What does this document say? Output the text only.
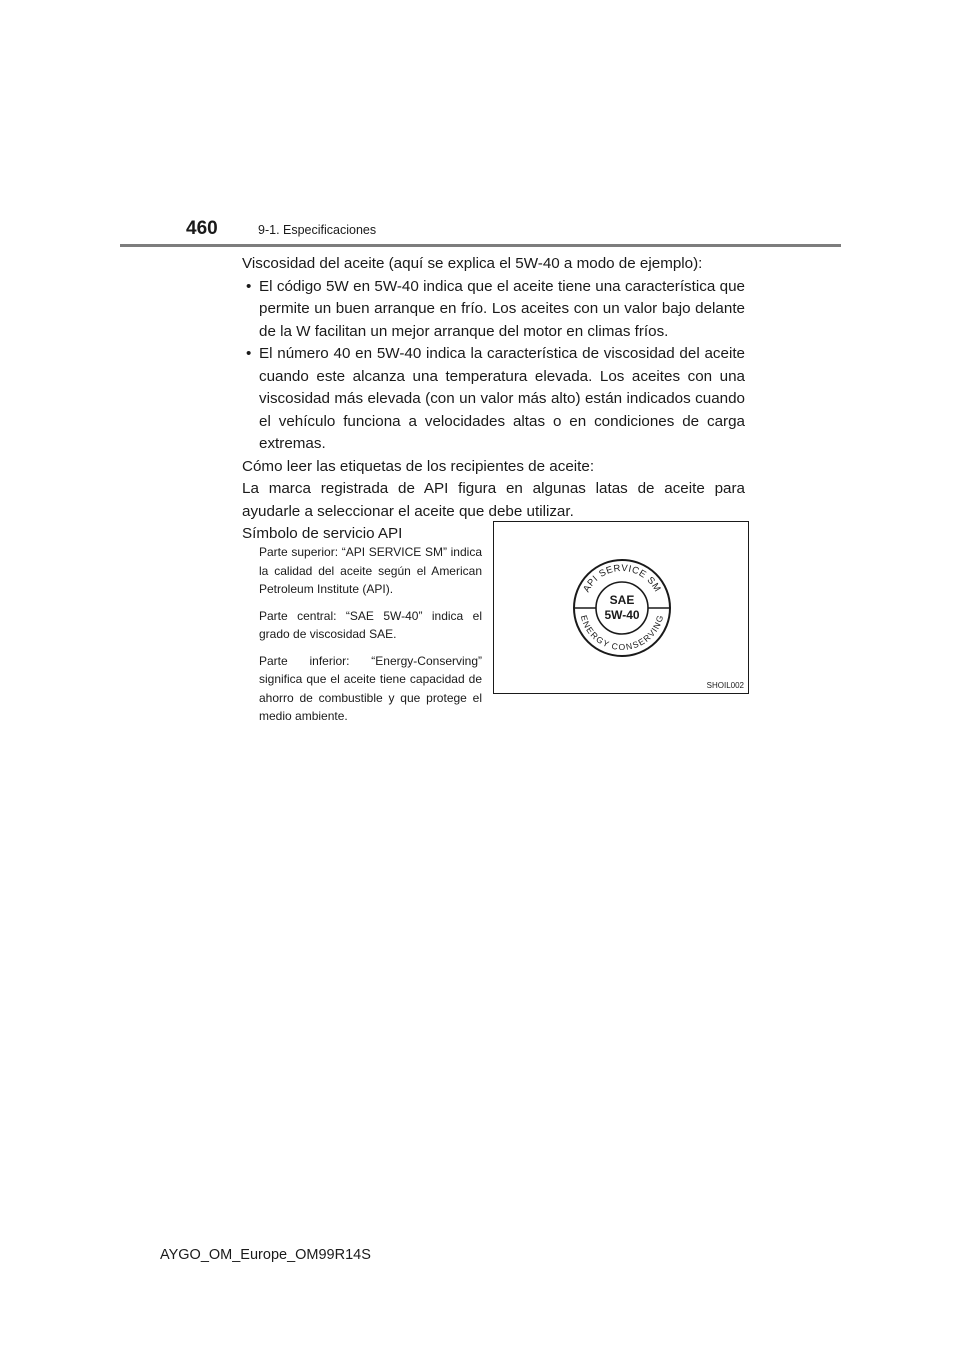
460	9-1. Especificaciones

Viscosidad del aceite (aquí se explica el 5W-40 a modo de ejemplo):

• El código 5W en 5W-40 indica que el aceite tiene una característica que permite un buen arranque en frío. Los aceites con un valor bajo delante de la W facilitan un mejor arranque del motor en climas fríos.
• El número 40 en 5W-40 indica la característica de viscosidad del aceite cuando este alcanza una temperatura elevada. Los aceites con una viscosidad más elevada (con un valor más alto) están indicados cuando el vehículo funciona a velocidades altas o en condiciones de carga extremas.

Cómo leer las etiquetas de los recipientes de aceite:

La marca registrada de API figura en algunas latas de aceite para ayudarle a seleccionar el aceite que debe utilizar.

Símbolo de servicio API

Parte superior: “API SERVICE SM” indica la calidad del aceite según el American Petroleum Institute (API).

Parte central: “SAE 5W-40” indica el grado de viscosidad SAE.

Parte inferior: “Energy-Conserving” significa que el aceite tiene capacidad de ahorro de combustible y que protege el medio ambiente.

API SERVICE SM
ENERGY CONSERVING
SAE
5W-40
SHOIL002
AYGO_OM_Europe_OM99R14S
